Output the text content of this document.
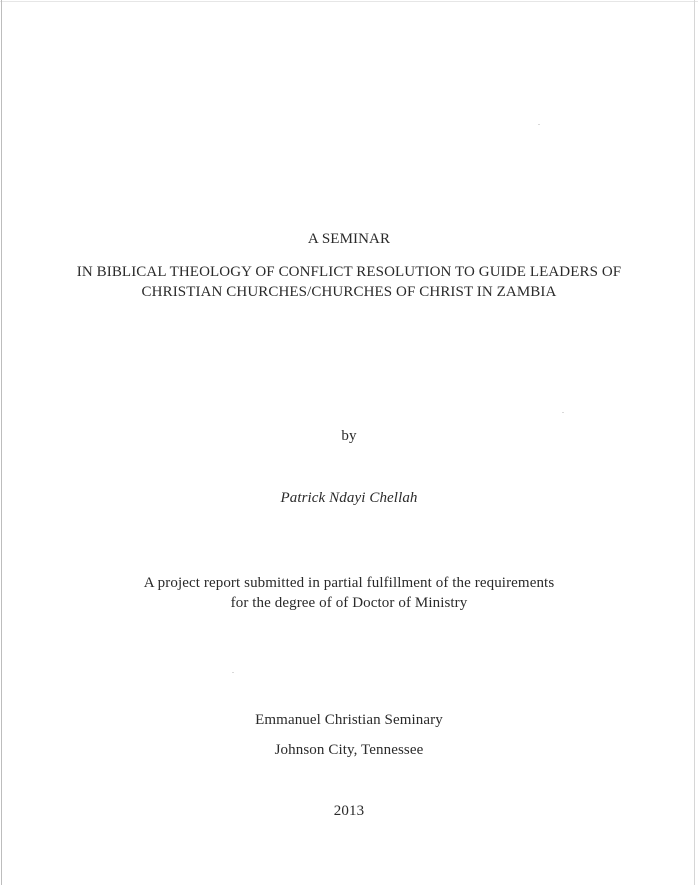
A SEMINAR
IN BIBLICAL THEOLOGY OF CONFLICT RESOLUTION TO GUIDE LEADERS OF
CHRISTIAN CHURCHES/CHURCHES OF CHRIST IN ZAMBIA
by
Patrick Ndayi Chellah
A project report submitted in partial fulfillment of the requirements
for the degree of of Doctor of Ministry
Emmanuel Christian Seminary
Johnson City, Tennessee
2013
